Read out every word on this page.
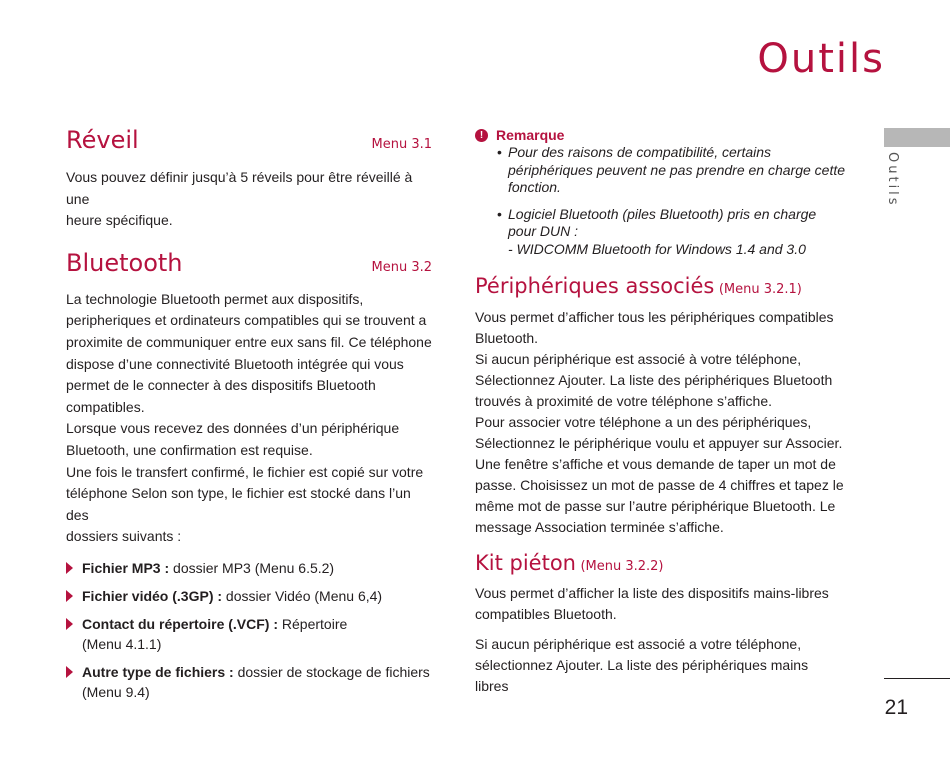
Outils
Outils
21
Réveil	Menu 3.1

Vous pouvez définir jusqu’à 5 réveils pour être réveillé à une
heure spécifique.

Bluetooth	Menu 3.2

La technologie Bluetooth permet aux dispositifs,
peripheriques et ordinateurs compatibles qui se trouvent a
proximite de communiquer entre eux sans fil. Ce téléphone
dispose d’une connectivité Bluetooth intégrée qui vous
permet de le connecter à des dispositifs Bluetooth
compatibles.
Lorsque vous recevez des données d’un périphérique
Bluetooth, une confirmation est requise.
Une fois le transfert confirmé, le fichier est copié sur votre
téléphone Selon son type, le fichier est stocké dans l’un des
dossiers suivants :

Fichier MP3 : dossier MP3 (Menu 6.5.2)
Fichier vidéo (.3GP) : dossier Vidéo (Menu 6,4)
Contact du répertoire (.VCF) : Répertoire
(Menu 4.1.1)
Autre type de fichiers : dossier de stockage de fichiers
(Menu 9.4)
! Remarque
• Pour des raisons de compatibilité, certains
périphériques peuvent ne pas prendre en charge cette
fonction.
• Logiciel Bluetooth (piles Bluetooth) pris en charge
pour DUN :
- WIDCOMM Bluetooth for Windows 1.4 and 3.0
Périphériques associés (Menu 3.2.1)

Vous permet d’afficher tous les périphériques compatibles
Bluetooth.
Si aucun périphérique est associé à votre téléphone,
Sélectionnez Ajouter. La liste des périphériques Bluetooth
trouvés à proximité de votre téléphone s’affiche.
Pour associer votre téléphone a un des périphériques,
Sélectionnez le périphérique voulu et appuyer sur Associer.
Une fenêtre s’affiche et vous demande de taper un mot de
passe. Choisissez un mot de passe de 4 chiffres et tapez le
même mot de passe sur l’autre périphérique Bluetooth. Le
message Association terminée s’affiche.

Kit piéton (Menu 3.2.2)

Vous permet d’afficher la liste des dispositifs mains-libres
compatibles Bluetooth.

Si aucun périphérique est associé a votre téléphone,
sélectionnez Ajouter. La liste des périphériques mains libres
